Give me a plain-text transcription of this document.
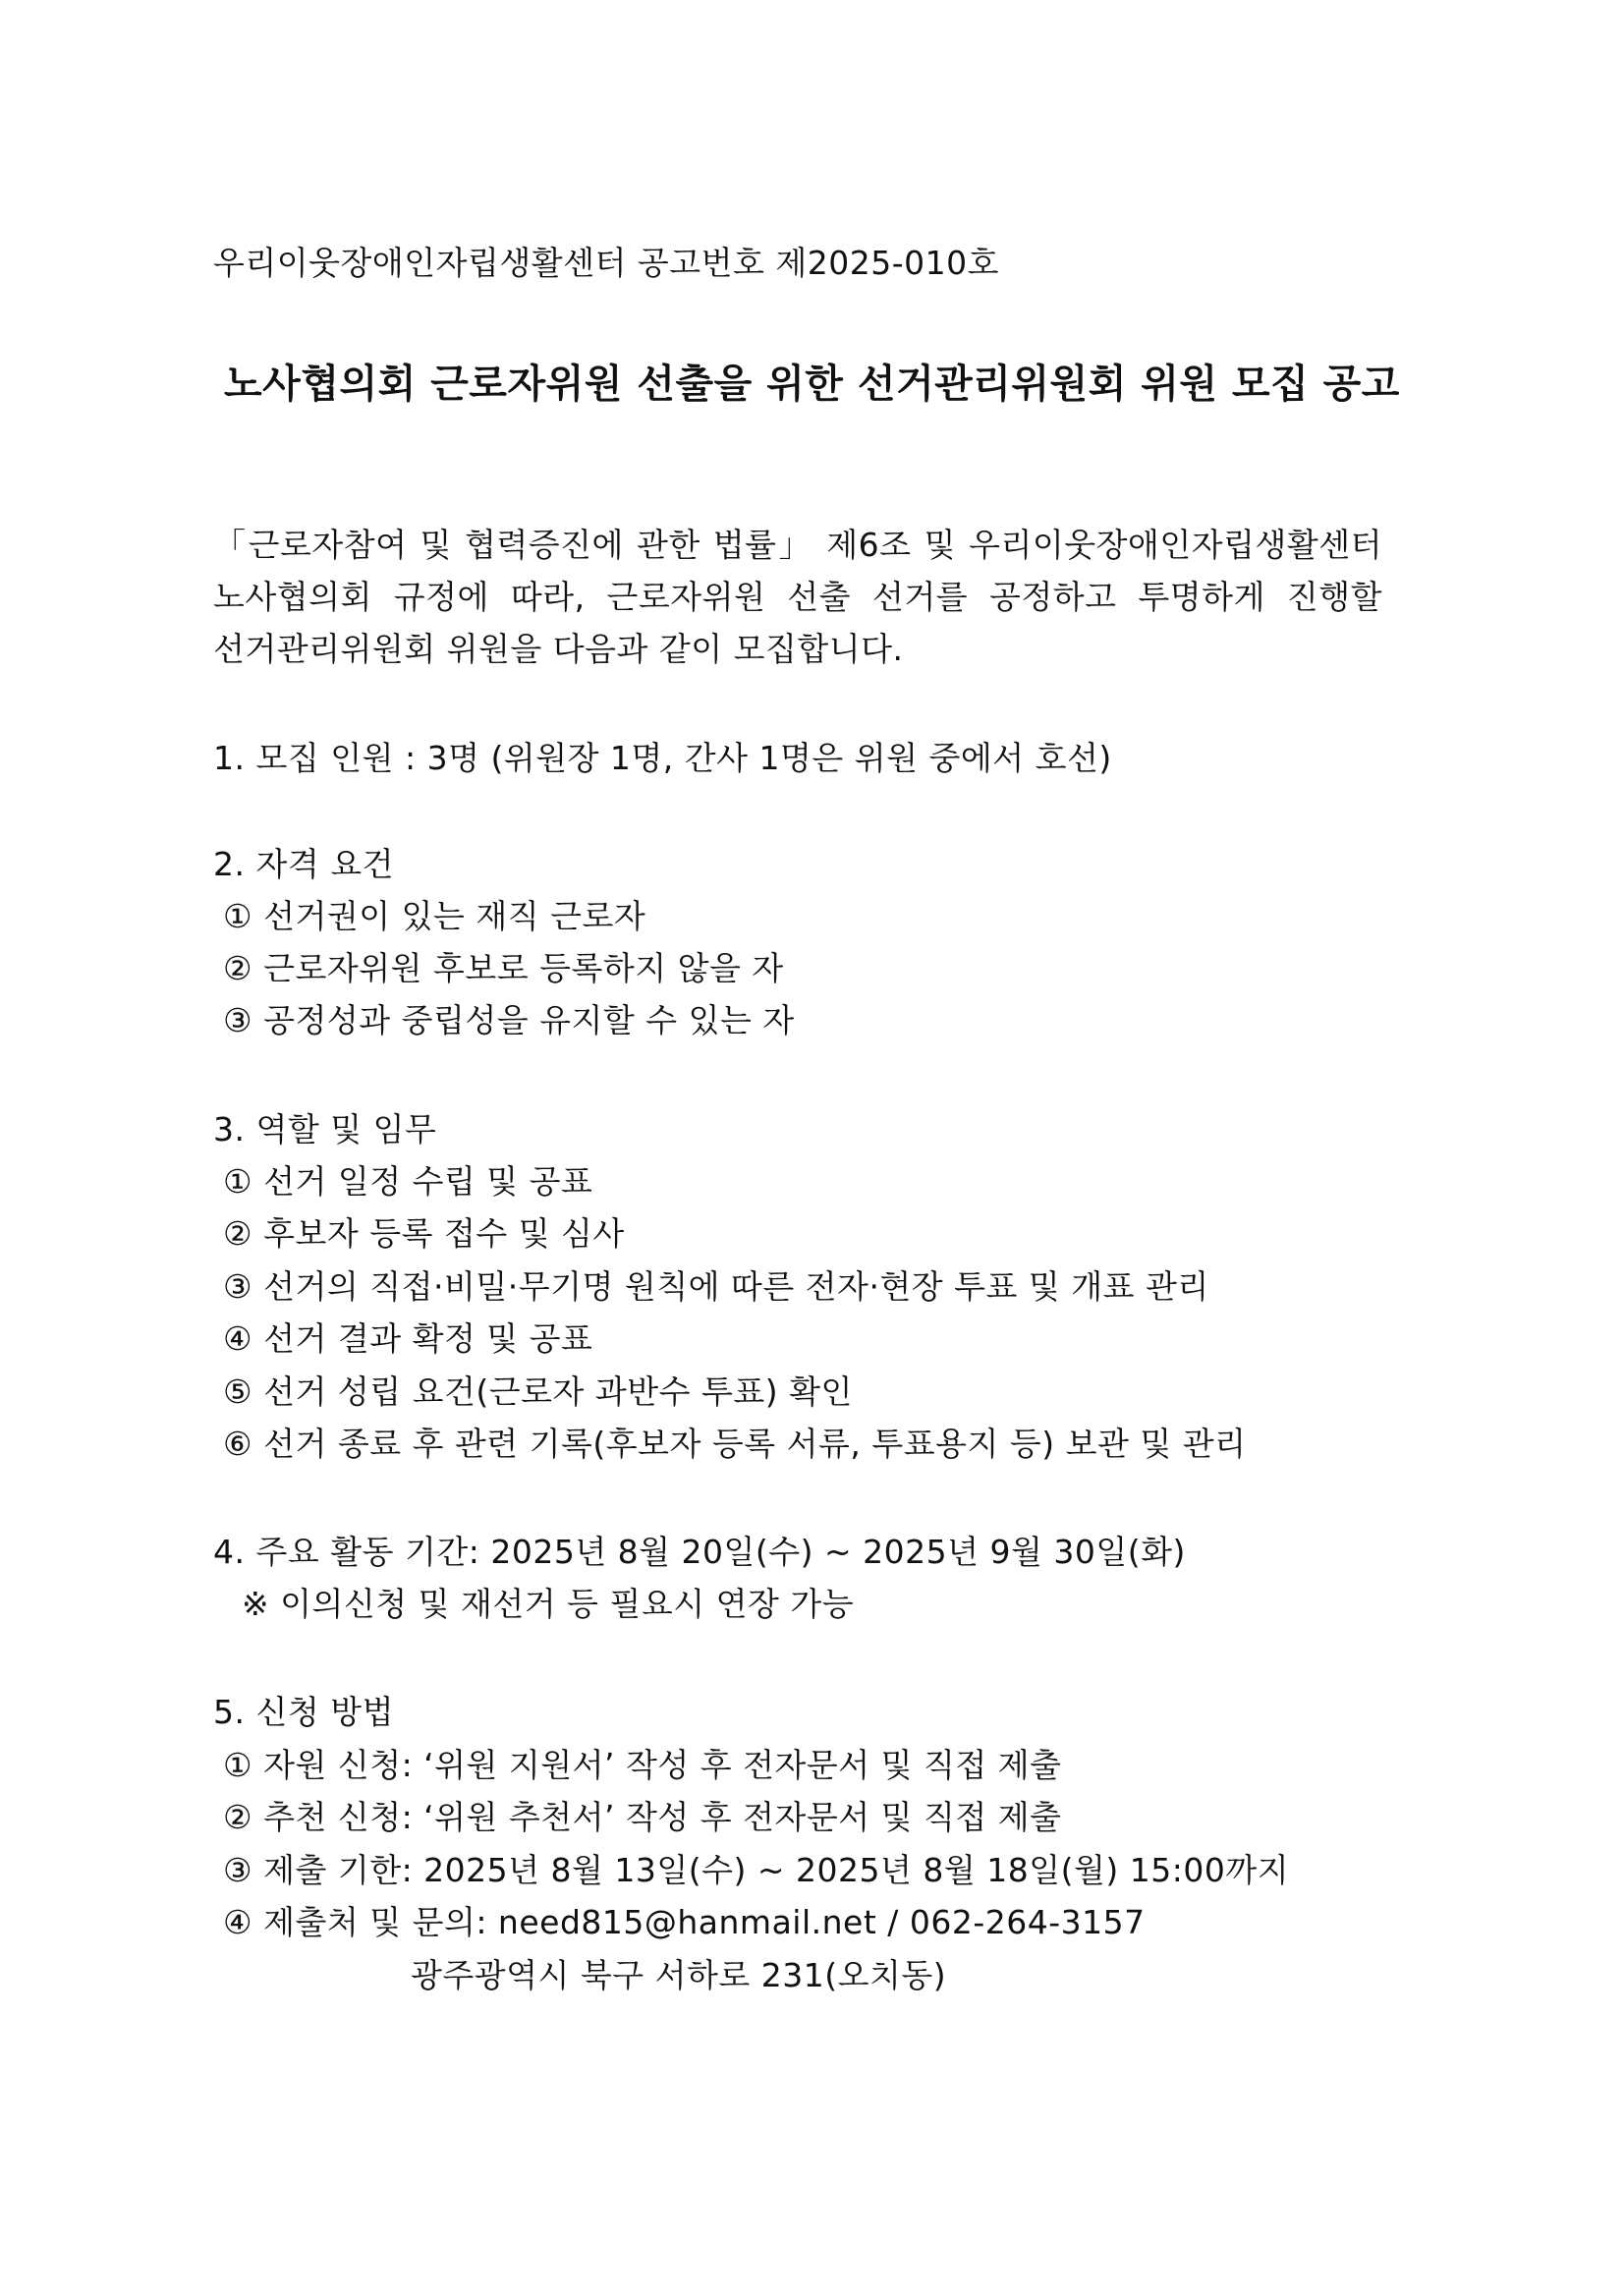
우리이웃장애인자립생활센터 공고번호 제2025-010호
노사협의회 근로자위원 선출을 위한 선거관리위원회 위원 모집 공고
「근로자참여 및 협력증진에 관한 법률」 제6조 및 우리이웃장애인자립생활센터
노사협의회 규정에 따라, 근로자위원 선출 선거를 공정하고 투명하게 진행할
선거관리위원회 위원을 다음과 같이 모집합니다.
1. 모집 인원 : 3명 (위원장 1명, 간사 1명은 위원 중에서 호선)
2. 자격 요건
① 선거권이 있는 재직 근로자
② 근로자위원 후보로 등록하지 않을 자
③ 공정성과 중립성을 유지할 수 있는 자
3. 역할 및 임무
① 선거 일정 수립 및 공표
② 후보자 등록 접수 및 심사
③ 선거의 직접·비밀·무기명 원칙에 따른 전자·현장 투표 및 개표 관리
④ 선거 결과 확정 및 공표
⑤ 선거 성립 요건(근로자 과반수 투표) 확인
⑥ 선거 종료 후 관련 기록(후보자 등록 서류, 투표용지 등) 보관 및 관리
4. 주요 활동 기간: 2025년 8월 20일(수) ~ 2025년 9월 30일(화)
※ 이의신청 및 재선거 등 필요시 연장 가능
5. 신청 방법
① 자원 신청: ‘위원 지원서’ 작성 후 전자문서 및 직접 제출
② 추천 신청: ‘위원 추천서’ 작성 후 전자문서 및 직접 제출
③ 제출 기한: 2025년 8월 13일(수) ~ 2025년 8월 18일(월) 15:00까지
④ 제출처 및 문의: need815@hanmail.net / 062-264-3157
광주광역시 북구 서하로 231(오치동)
